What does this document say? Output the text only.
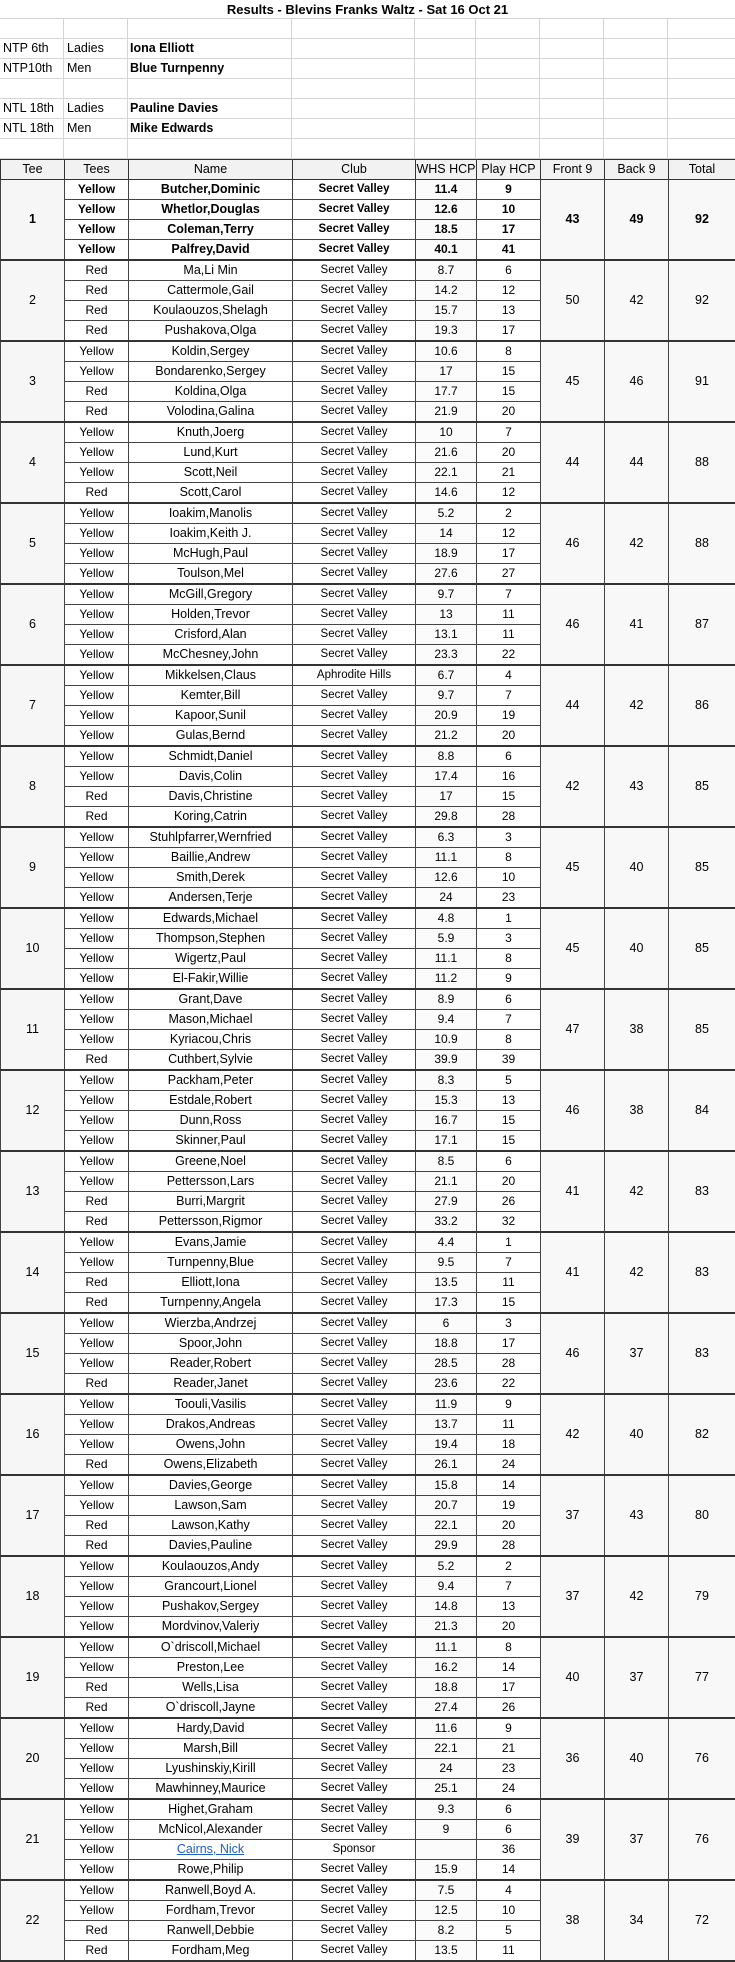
Results - Blevins Franks Waltz - Sat 16 Oct 21
NTP 6th	Ladies	Iona Elliott
NTP10th	Men	Blue Turnpenny
NTL 18th	Ladies	Pauline Davies
NTL 18th	Men	Mike Edwards
Tee	Tees	Name	Club	WHS HCP	Play HCP	Front 9	Back 9	Total
1	Yellow	Butcher,Dominic	Secret Valley	11.4	9	43	49	92
	Yellow	Whetlor,Douglas	Secret Valley	12.6	10			
	Yellow	Coleman,Terry	Secret Valley	18.5	17			
	Yellow	Palfrey,David	Secret Valley	40.1	41			
2	Red	Ma,Li Min	Secret Valley	8.7	6	50	42	92
	Red	Cattermole,Gail	Secret Valley	14.2	12			
	Red	Koulaouzos,Shelagh	Secret Valley	15.7	13			
	Red	Pushakova,Olga	Secret Valley	19.3	17			
3	Yellow	Koldin,Sergey	Secret Valley	10.6	8	45	46	91
	Yellow	Bondarenko,Sergey	Secret Valley	17	15			
	Red	Koldina,Olga	Secret Valley	17.7	15			
	Red	Volodina,Galina	Secret Valley	21.9	20			
4	Yellow	Knuth,Joerg	Secret Valley	10	7	44	44	88
	Yellow	Lund,Kurt	Secret Valley	21.6	20			
	Yellow	Scott,Neil	Secret Valley	22.1	21			
	Red	Scott,Carol	Secret Valley	14.6	12			
5	Yellow	Ioakim,Manolis	Secret Valley	5.2	2	46	42	88
	Yellow	Ioakim,Keith J.	Secret Valley	14	12			
	Yellow	McHugh,Paul	Secret Valley	18.9	17			
	Yellow	Toulson,Mel	Secret Valley	27.6	27			
6	Yellow	McGill,Gregory	Secret Valley	9.7	7	46	41	87
	Yellow	Holden,Trevor	Secret Valley	13	11			
	Yellow	Crisford,Alan	Secret Valley	13.1	11			
	Yellow	McChesney,John	Secret Valley	23.3	22			
7	Yellow	Mikkelsen,Claus	Aphrodite Hills	6.7	4	44	42	86
	Yellow	Kemter,Bill	Secret Valley	9.7	7			
	Yellow	Kapoor,Sunil	Secret Valley	20.9	19			
	Yellow	Gulas,Bernd	Secret Valley	21.2	20			
8	Yellow	Schmidt,Daniel	Secret Valley	8.8	6	42	43	85
	Yellow	Davis,Colin	Secret Valley	17.4	16			
	Red	Davis,Christine	Secret Valley	17	15			
	Red	Koring,Catrin	Secret Valley	29.8	28			
9	Yellow	Stuhlpfarrer,Wernfried	Secret Valley	6.3	3	45	40	85
	Yellow	Baillie,Andrew	Secret Valley	11.1	8			
	Yellow	Smith,Derek	Secret Valley	12.6	10			
	Yellow	Andersen,Terje	Secret Valley	24	23			
10	Yellow	Edwards,Michael	Secret Valley	4.8	1	45	40	85
	Yellow	Thompson,Stephen	Secret Valley	5.9	3			
	Yellow	Wigertz,Paul	Secret Valley	11.1	8			
	Yellow	El-Fakir,Willie	Secret Valley	11.2	9			
11	Yellow	Grant,Dave	Secret Valley	8.9	6	47	38	85
	Yellow	Mason,Michael	Secret Valley	9.4	7			
	Yellow	Kyriacou,Chris	Secret Valley	10.9	8			
	Red	Cuthbert,Sylvie	Secret Valley	39.9	39			
12	Yellow	Packham,Peter	Secret Valley	8.3	5	46	38	84
	Yellow	Estdale,Robert	Secret Valley	15.3	13			
	Yellow	Dunn,Ross	Secret Valley	16.7	15			
	Yellow	Skinner,Paul	Secret Valley	17.1	15			
13	Yellow	Greene,Noel	Secret Valley	8.5	6	41	42	83
	Yellow	Pettersson,Lars	Secret Valley	21.1	20			
	Red	Burri,Margrit	Secret Valley	27.9	26			
	Red	Pettersson,Rigmor	Secret Valley	33.2	32			
14	Yellow	Evans,Jamie	Secret Valley	4.4	1	41	42	83
	Yellow	Turnpenny,Blue	Secret Valley	9.5	7			
	Red	Elliott,Iona	Secret Valley	13.5	11			
	Red	Turnpenny,Angela	Secret Valley	17.3	15			
15	Yellow	Wierzba,Andrzej	Secret Valley	6	3	46	37	83
	Yellow	Spoor,John	Secret Valley	18.8	17			
	Yellow	Reader,Robert	Secret Valley	28.5	28			
	Red	Reader,Janet	Secret Valley	23.6	22			
16	Yellow	Toouli,Vasilis	Secret Valley	11.9	9	42	40	82
	Yellow	Drakos,Andreas	Secret Valley	13.7	11			
	Yellow	Owens,John	Secret Valley	19.4	18			
	Red	Owens,Elizabeth	Secret Valley	26.1	24			
17	Yellow	Davies,George	Secret Valley	15.8	14	37	43	80
	Yellow	Lawson,Sam	Secret Valley	20.7	19			
	Red	Lawson,Kathy	Secret Valley	22.1	20			
	Red	Davies,Pauline	Secret Valley	29.9	28			
18	Yellow	Koulaouzos,Andy	Secret Valley	5.2	2	37	42	79
	Yellow	Grancourt,Lionel	Secret Valley	9.4	7			
	Yellow	Pushakov,Sergey	Secret Valley	14.8	13			
	Yellow	Mordvinov,Valeriy	Secret Valley	21.3	20			
19	Yellow	O`driscoll,Michael	Secret Valley	11.1	8	40	37	77
	Yellow	Preston,Lee	Secret Valley	16.2	14			
	Red	Wells,Lisa	Secret Valley	18.8	17			
	Red	O`driscoll,Jayne	Secret Valley	27.4	26			
20	Yellow	Hardy,David	Secret Valley	11.6	9	36	40	76
	Yellow	Marsh,Bill	Secret Valley	22.1	21			
	Yellow	Lyushinskiy,Kirill	Secret Valley	24	23			
	Yellow	Mawhinney,Maurice	Secret Valley	25.1	24			
21	Yellow	Highet,Graham	Secret Valley	9.3	6	39	37	76
	Yellow	McNicol,Alexander	Secret Valley	9	6			
	Yellow	Cairns, Nick	Sponsor		36			
	Yellow	Rowe,Philip	Secret Valley	15.9	14			
22	Yellow	Ranwell,Boyd A.	Secret Valley	7.5	4	38	34	72
	Yellow	Fordham,Trevor	Secret Valley	12.5	10			
	Red	Ranwell,Debbie	Secret Valley	8.2	5			
	Red	Fordham,Meg	Secret Valley	13.5	11			
